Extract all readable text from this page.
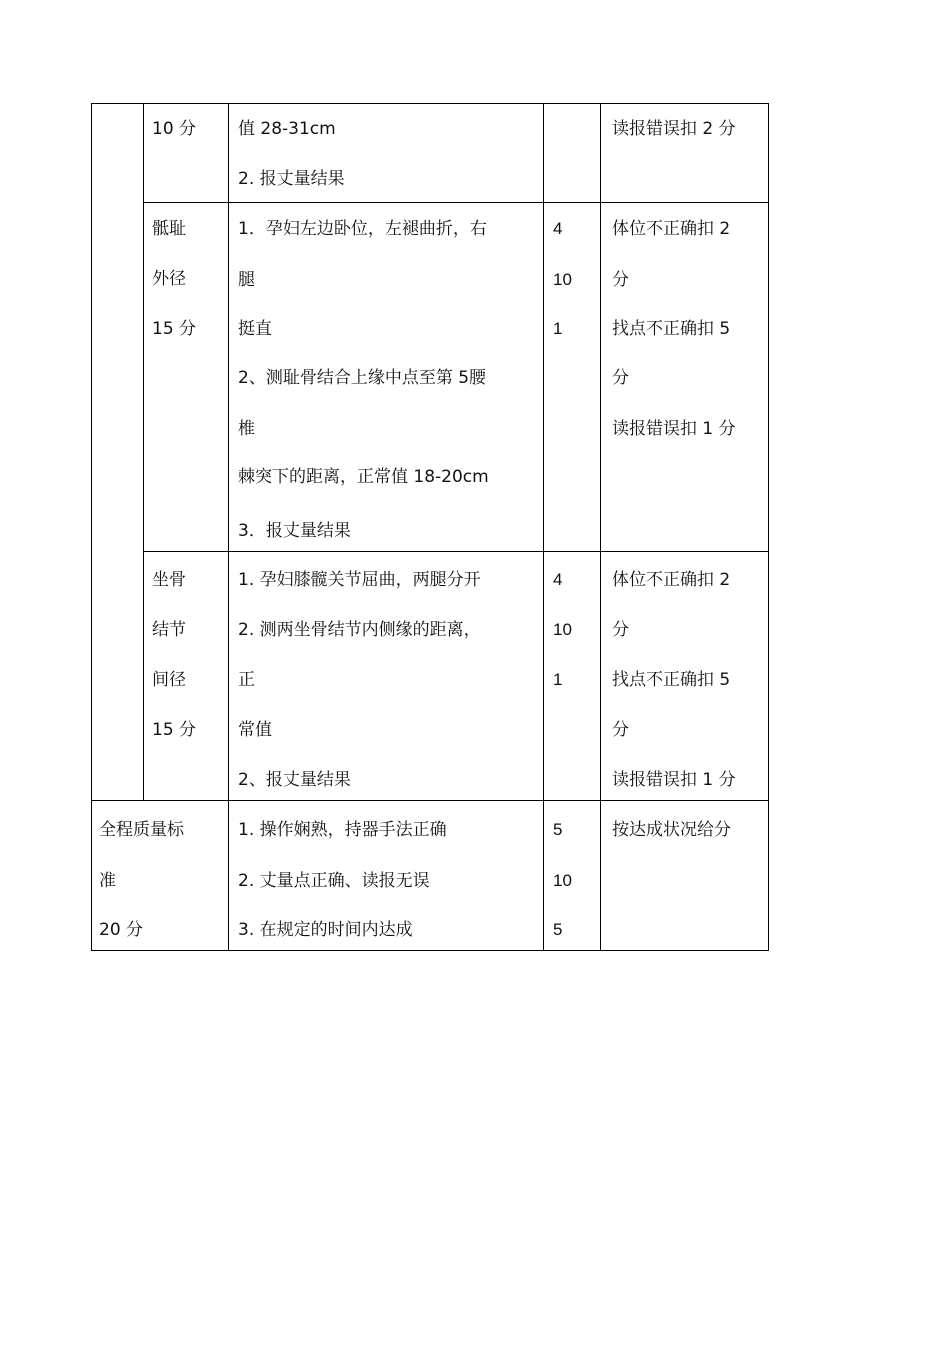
10 分 值 28-31cm
2. 报丈量结果
读报错误扣 2 分
骶耻
外径
15 分
1．孕妇左边卧位，左褪曲折，右
腿
挺直
2、测耻骨结合上缘中点至第 5腰
椎
棘突下的距离，正常值 18-20cm
3．报丈量结果
4
10
1
体位不正确扣 2
分
找点不正确扣 5
分
读报错误扣 1 分
坐骨
结节
间径
15 分
1. 孕妇膝髋关节屈曲，两腿分开
2. 测两坐骨结节内侧缘的距离，
正
常值
2、报丈量结果
4
10
1
体位不正确扣 2
分
找点不正确扣 5
分
读报错误扣 1 分
全程质量标
准
20 分
1. 操作娴熟，持器手法正确
2. 丈量点正确、读报无误
3. 在规定的时间内达成
5
10
5
按达成状况给分
